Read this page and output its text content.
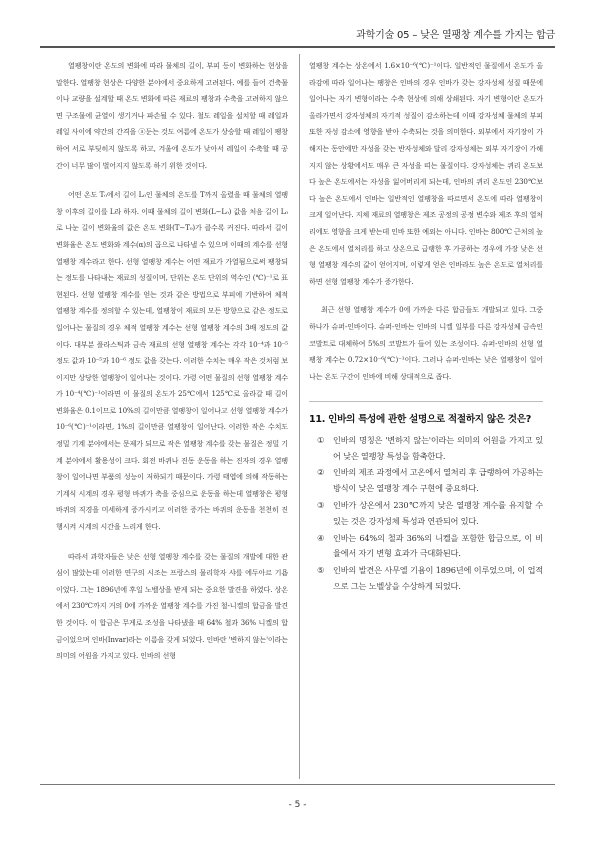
과학기술 05 – 낮은 열팽창 계수를 가지는 합금

열팽창이란 온도의 변화에 따라 물체의 길이, 부피 등이 변화하는 현상을 말한다. 열팽창 현상은 다양한 분야에서 중요하게 고려된다. 예를 들어 건축물이나 교량을 설계할 때 온도 변화에 따른 재료의 팽창과 수축을 고려하지 않으면 구조물에 균열이 생기거나 파손될 수 있다. 철도 레일을 설치할 때 레일과 레일 사이에 약간의 간격을 ⓐ둔는 것도 여름에 온도가 상승할 때 레일이 팽창하여 서로 부딪히지 않도록 하고, 겨울에 온도가 낮아서 레일이 수축할 때 공간이 너무 많이 벌어지지 않도록 하기 위한 것이다.

어떤 온도 T₀에서 길이 L₀인 물체의 온도를 T까지 올렸을 때 물체의 열팽창 이후의 길이를 L라 하자. 이때 물체의 길이 변화(L−L₀) 값을 처음 길이 L₀로 나눈 길이 변화율의 값은 온도 변화(T−T₀)가 클수록 커진다. 따라서 길이 변화율은 온도 변화와 계수(α)의 곱으로 나타낼 수 있으며 이때의 계수를 선형 열팽창 계수라고 한다. 선형 열팽창 계수는 어떤 재료가 가열됨으로써 팽창되는 정도를 나타내는 재료의 성질이며, 단위는 온도 단위의 역수인 (℃)⁻¹로 표현된다. 선형 열팽창 계수를 얻는 것과 같은 방법으로 부피에 기반하여 체적 열팽창 계수를 정의할 수 있는데, 열팽창이 재료의 모든 방향으로 같은 정도로 일어나는 물질의 경우 체적 열팽창 계수는 선형 열팽창 계수의 3배 정도의 값이다. 대부분 플라스틱과 금속 재료의 선형 열팽창 계수는 각각 10⁻⁴과 10⁻⁵ 정도 값과 10⁻⁵과 10⁻⁶ 정도 값을 갖는다. 이러한 수치는 매우 작은 것처럼 보이지만 상당한 열팽창이 일어나는 것이다. 가령 어떤 물질의 선형 열팽창 계수가 10⁻⁴(℃)⁻¹이라면 이 물질의 온도가 25℃에서 125℃로 올라갈 때 길이 변화율은 0.1이므로 10%의 길이만큼 열팽창이 일어나고 선형 열팽창 계수가 10⁻⁶(℃)⁻¹이라면, 1%의 길이만큼 열팽창이 일어난다. 이러한 작은 수치도 정밀 기계 분야에서는 문제가 되므로 작은 열팽창 계수를 갖는 물질은 정밀 기계 분야에서 활용성이 크다. 회전 바퀴나 진동 운동을 하는 진자의 경우 열팽창이 일어나면 부품의 성능이 저하되기 때문이다. 가령 태엽에 의해 작동하는 기계식 시계의 경우 평형 바퀴가 축을 중심으로 운동을 하는데 열팽창은 평형 바퀴의 직경을 미세하게 증가시키고 이러한 증가는 바퀴의 운동을 천천히 진행시켜 시계의 시간을 느리게 한다.

따라서 과학자들은 낮은 선형 열팽창 계수를 갖는 물질의 개발에 대한 관심이 많았는데 이러한 연구의 시조는 프랑스의 물리학자 샤를 에두아르 기욤이었다. 그는 1896년에 후일 노벨상을 받게 되는 중요한 발견을 하였다. 상온에서 230℃까지 거의 0에 가까운 열팽창 계수를 가진 철-니켈의 합금을 발견한 것이다. 이 합금은 무게로 조성을 나타냈을 때 64% 철과 36% 니켈의 합금이었으며 인바(Invar)라는 이름을 갖게 되었다. 인바란 '변하지 않는'이라는 의미의 어원을 가지고 있다. 인바의 선형

열팽창 계수는 상온에서 1.6×10⁻⁶(℃)⁻¹이다. 일반적인 물질에서 온도가 올라감에 따라 일어나는 팽창은 인바의 경우 인바가 갖는 강자성체 성질 때문에 일어나는 자기 변형이라는 수축 현상에 의해 상쇄된다. 자기 변형이란 온도가 올라가면서 강자성체의 자기적 성질이 감소하는데 이때 강자성체 물체의 부피 또한 자성 감소에 영향을 받아 수축되는 것을 의미한다. 외부에서 자기장이 가해지는 동안에만 자성을 갖는 반자성체와 달리 강자성체는 외부 자기장이 가해지지 않는 상황에서도 매우 큰 자성을 띠는 물질이다. 강자성체는 퀴리 온도보다 높은 온도에서는 자성을 잃어버리게 되는데, 인바의 퀴리 온도인 230℃보다 높은 온도에서 인바는 일반적인 열팽창을 따르면서 온도에 따라 열팽창이 크게 일어난다. 지체 재료의 열팽창은 제조 공정의 공정 변수와 제조 후의 열처리에도 영향을 크게 받는데 인바 또한 예외는 아니다. 인바는 800℃ 근처의 높은 온도에서 열처리를 하고 상온으로 급랭한 후 가공하는 경우에 가장 낮은 선형 열팽창 계수의 값이 얻어지며, 이렇게 얻은 인바라도 높은 온도로 열처리를 하면 선형 열팽창 계수가 증가한다.

최근 선형 열팽창 계수가 0에 가까운 다른 합금들도 개발되고 있다. 그중 하나가 슈퍼-인바이다. 슈퍼-인바는 인바의 니켈 일부를 다른 강자성체 금속인 코발트로 대체하여 5%의 코발트가 들어 있는 조성이다. 슈퍼-인바의 선형 열팽창 계수는 0.72×10⁻⁶(℃)⁻¹이다. 그러나 슈퍼-인바는 낮은 열팽창이 일어나는 온도 구간이 인바에 비해 상대적으로 좁다.

11. 인바의 특성에 관한 설명으로 적절하지 않은 것은?

①	인바의 명칭은 '변하지 않는'이라는 의미의 어원을 가지고 있어 낮은 열팽창 특성을 함축한다.
②	인바의 제조 과정에서 고온에서 열처리 후 급랭하여 가공하는 방식이 낮은 열팽창 계수 구현에 중요하다.
③	인바가 상온에서 230℃까지 낮은 열팽창 계수를 유지할 수 있는 것은 강자성체 특성과 연관되어 있다.
④	인바는 64%의 철과 36%의 니켈을 포함한 합금으로, 이 비율에서 자기 변형 효과가 극대화된다.
⑤	인바의 발견은 사무엘 기욤이 1896년에 이루었으며, 이 업적으로 그는 노벨상을 수상하게 되었다.
- 5 -
